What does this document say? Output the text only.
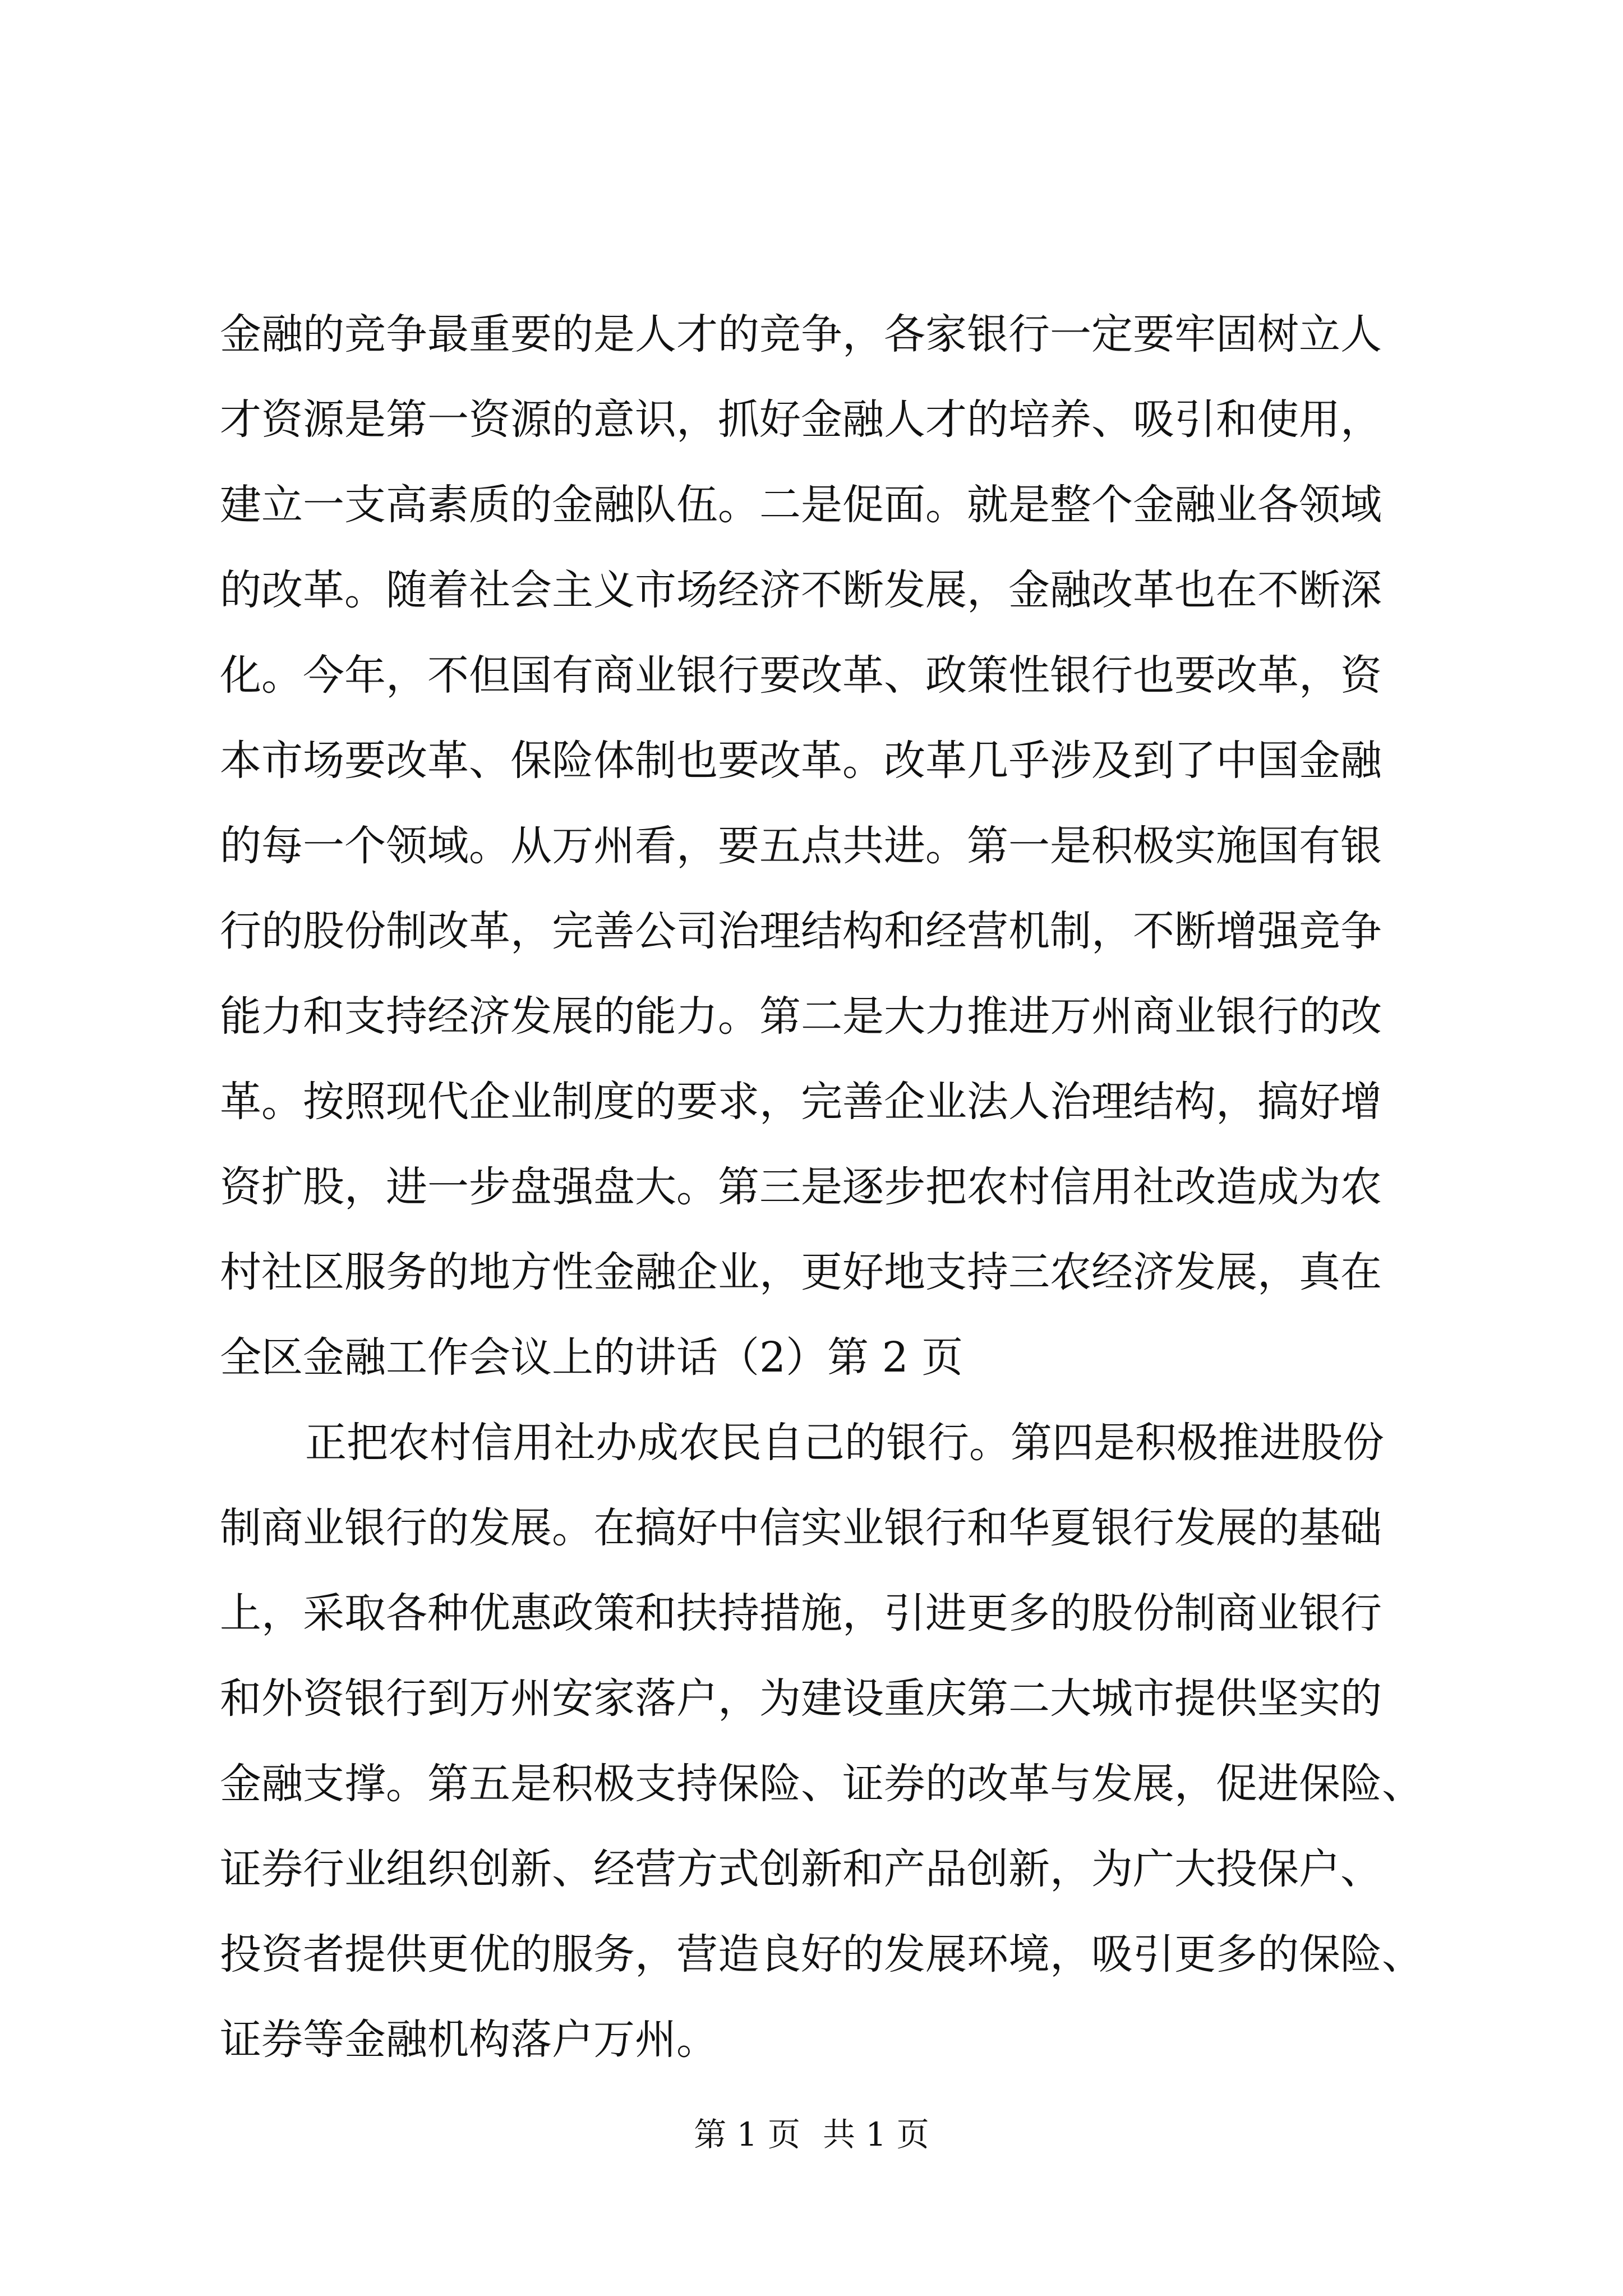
金融的竞争最重要的是人才的竞争，各家银行一定要牢固树立人
才资源是第一资源的意识，抓好金融人才的培养、吸引和使用，
建立一支高素质的金融队伍。二是促面。就是整个金融业各领域
的改革。随着社会主义市场经济不断发展，金融改革也在不断深
化。今年，不但国有商业银行要改革、政策性银行也要改革，资
本市场要改革、保险体制也要改革。改革几乎涉及到了中国金融
的每一个领域。从万州看，要五点共进。第一是积极实施国有银
行的股份制改革，完善公司治理结构和经营机制，不断增强竞争
能力和支持经济发展的能力。第二是大力推进万州商业银行的改
革。按照现代企业制度的要求，完善企业法人治理结构，搞好增
资扩股，进一步盘强盘大。第三是逐步把农村信用社改造成为农
村社区服务的地方性金融企业，更好地支持三农经济发展，真在
全区金融工作会议上的讲话（2）第 2 页
正把农村信用社办成农民自己的银行。第四是积极推进股份
制商业银行的发展。在搞好中信实业银行和华夏银行发展的基础
上，采取各种优惠政策和扶持措施，引进更多的股份制商业银行
和外资银行到万州安家落户，为建设重庆第二大城市提供坚实的
金融支撑。第五是积极支持保险、证券的改革与发展，促进保险、
证券行业组织创新、经营方式创新和产品创新，为广大投保户、
投资者提供更优的服务，营造良好的发展环境，吸引更多的保险、
证券等金融机构落户万州。
第 1 页 共 1 页
